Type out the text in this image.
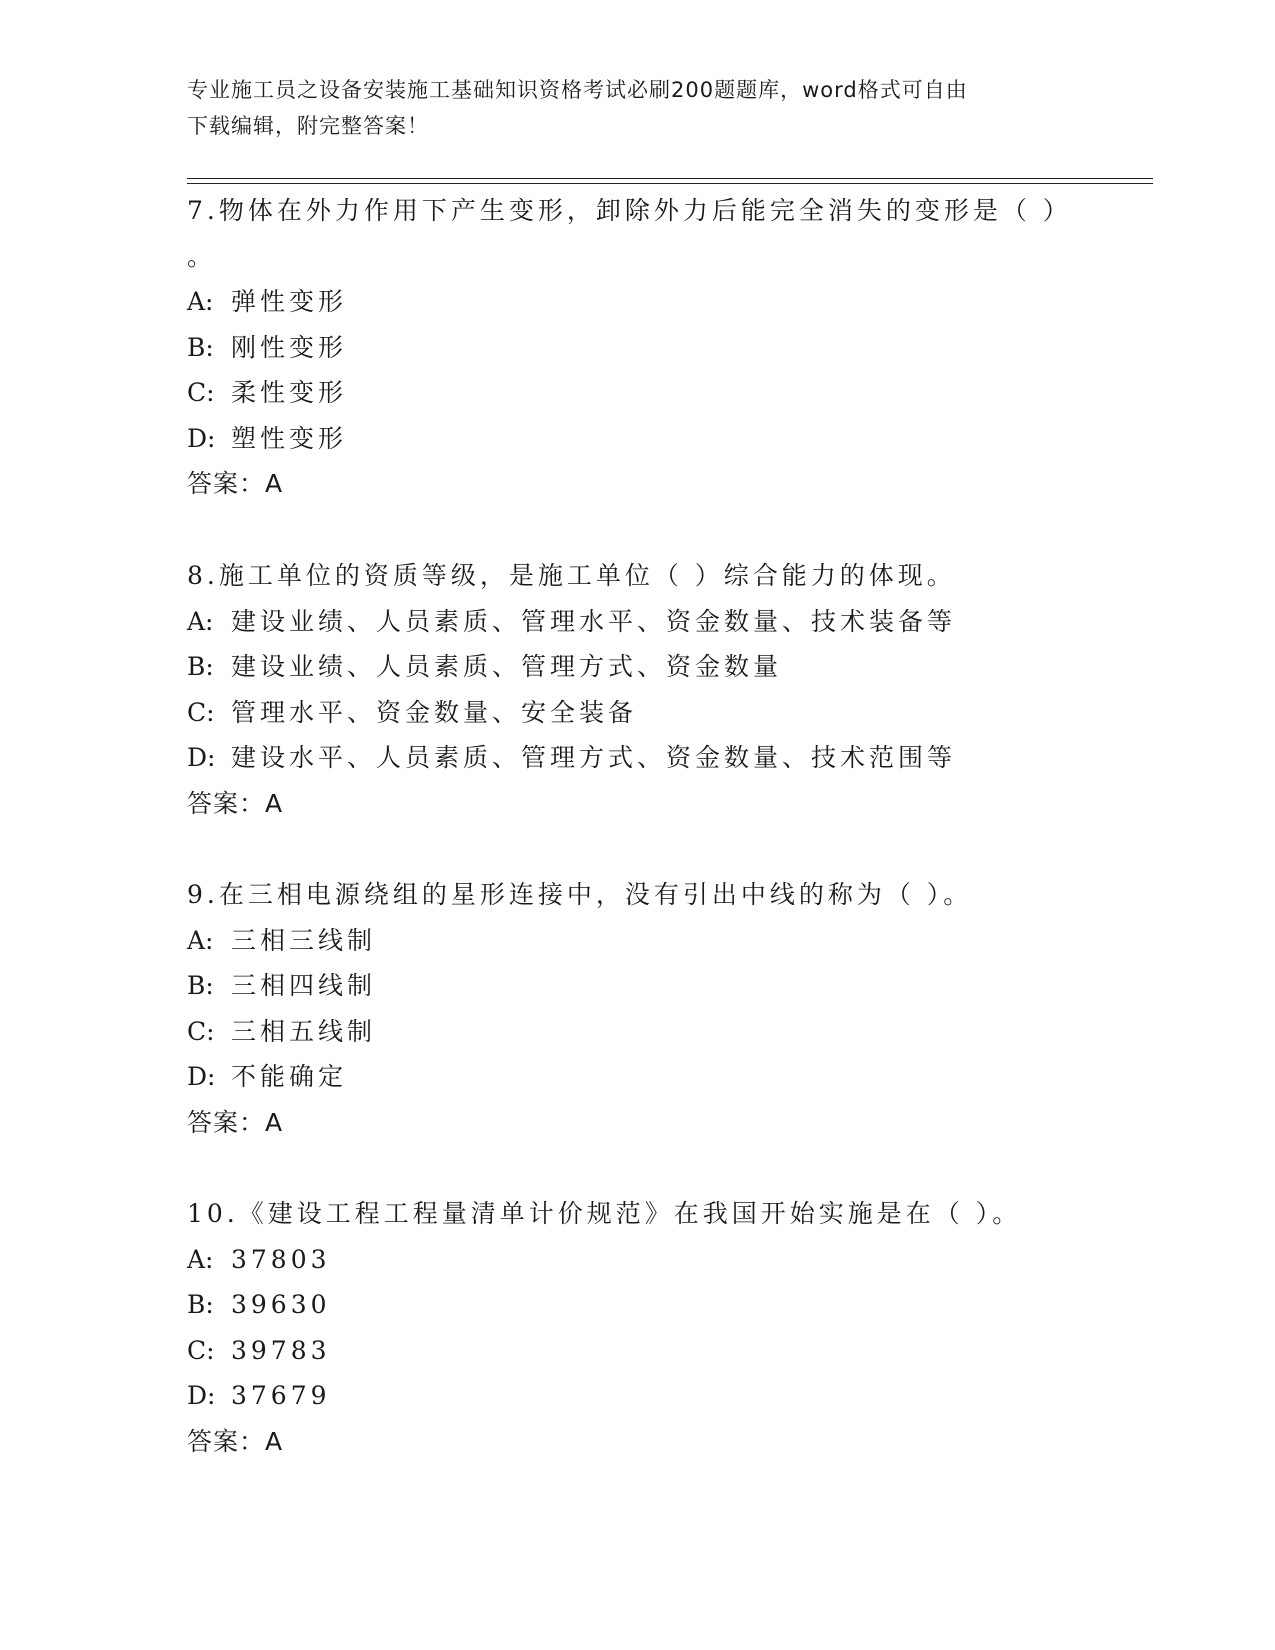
专业施工员之设备安装施工基础知识资格考试必刷200题题库，word格式可自由
下载编辑，附完整答案！
7.物体在外力作用下产生变形，卸除外力后能完全消失的变形是（ ）
。
A: 弹性变形
B: 刚性变形
C: 柔性变形
D: 塑性变形
答案：A
8.施工单位的资质等级，是施工单位（ ）综合能力的体现。
A: 建设业绩、人员素质、管理水平、资金数量、技术装备等
B: 建设业绩、人员素质、管理方式、资金数量
C: 管理水平、资金数量、安全装备
D: 建设水平、人员素质、管理方式、资金数量、技术范围等
答案：A
9.在三相电源绕组的星形连接中，没有引出中线的称为（ ）。
A: 三相三线制
B: 三相四线制
C: 三相五线制
D: 不能确定
答案：A
10.《建设工程工程量清单计价规范》在我国开始实施是在（ ）。
A: 37803
B: 39630
C: 39783
D: 37679
答案：A
